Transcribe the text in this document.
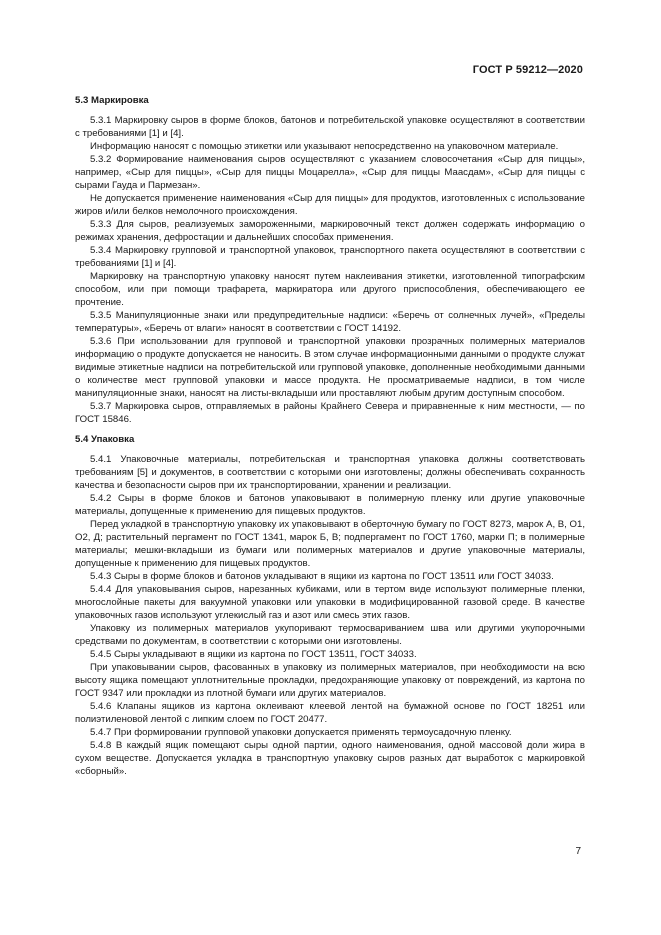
ГОСТ Р 59212—2020
5.3 Маркировка

5.3.1 Маркировку сыров в форме блоков, батонов и потребительской упаковке осуществляют в соответствии с требованиями [1] и [4].

Информацию наносят с помощью этикетки или указывают непосредственно на упаковочном материале.

5.3.2 Формирование наименования сыров осуществляют с указанием словосочетания «Сыр для пиццы», например, «Сыр для пиццы», «Сыр для пиццы Моцарелла», «Сыр для пиццы Маасдам», «Сыр для пиццы с сырами Гауда и Пармезан».

Не допускается применение наименования «Сыр для пиццы» для продуктов, изготовленных с использование жиров и/или белков немолочного происхождения.

5.3.3 Для сыров, реализуемых замороженными, маркировочный текст должен содержать информацию о режимах хранения, дефростации и дальнейших способах применения.

5.3.4 Маркировку групповой и транспортной упаковок, транспортного пакета осуществляют в соответствии с требованиями [1] и [4].

Маркировку на транспортную упаковку наносят путем наклеивания этикетки, изготовленной типографским способом, или при помощи трафарета, маркиратора или другого приспособления, обеспечивающего ее прочтение.

5.3.5 Манипуляционные знаки или предупредительные надписи: «Беречь от солнечных лучей», «Пределы температуры», «Беречь от влаги» наносят в соответствии с ГОСТ 14192.

5.3.6 При использовании для групповой и транспортной упаковки прозрачных полимерных материалов информацию о продукте допускается не наносить. В этом случае информационными данными о продукте служат видимые этикетные надписи на потребительской или групповой упаковке, дополненные необходимыми данными о количестве мест групповой упаковки и массе продукта. Не просматриваемые надписи, в том числе манипуляционные знаки, наносят на листы-вкладыши или проставляют любым другим доступным способом.

5.3.7 Маркировка сыров, отправляемых в районы Крайнего Севера и приравненные к ним местности, — по ГОСТ 15846.

5.4 Упаковка

5.4.1 Упаковочные материалы, потребительская и транспортная упаковка должны соответствовать требованиям [5] и документов, в соответствии с которыми они изготовлены; должны обеспечивать сохранность качества и безопасности сыров при их транспортировании, хранении и реализации.

5.4.2 Сыры в форме блоков и батонов упаковывают в полимерную пленку или другие упаковочные материалы, допущенные к применению для пищевых продуктов.

Перед укладкой в транспортную упаковку их упаковывают в оберточную бумагу по ГОСТ 8273, марок А, В, О1, О2, Д; растительный пергамент по ГОСТ 1341, марок Б, В; подпергамент по ГОСТ 1760, марки П; в полимерные материалы; мешки-вкладыши из бумаги или полимерных материалов и другие упаковочные материалы, допущенные к применению для пищевых продуктов.

5.4.3 Сыры в форме блоков и батонов укладывают в ящики из картона по ГОСТ 13511 или ГОСТ 34033.

5.4.4 Для упаковывания сыров, нарезанных кубиками, или в тертом виде используют полимерные пленки, многослойные пакеты для вакуумной упаковки или упаковки в модифицированной газовой среде. В качестве упаковочных газов используют углекислый газ и азот или смесь этих газов.

Упаковку из полимерных материалов укупоривают термосвариванием шва или другими укупорочными средствами по документам, в соответствии с которыми они изготовлены.

5.4.5 Сыры укладывают в ящики из картона по ГОСТ 13511, ГОСТ 34033.

При упаковывании сыров, фасованных в упаковку из полимерных материалов, при необходимости на всю высоту ящика помещают уплотнительные прокладки, предохраняющие упаковку от повреждений, из картона по ГОСТ 9347 или прокладки из плотной бумаги или других материалов.

5.4.6 Клапаны ящиков из картона оклеивают клеевой лентой на бумажной основе по ГОСТ 18251 или полиэтиленовой лентой с липким слоем по ГОСТ 20477.

5.4.7 При формировании групповой упаковки допускается применять термоусадочную пленку.

5.4.8 В каждый ящик помещают сыры одной партии, одного наименования, одной массовой доли жира в сухом веществе. Допускается укладка в транспортную упаковку сыров разных дат выработок с маркировкой «сборный».

7
